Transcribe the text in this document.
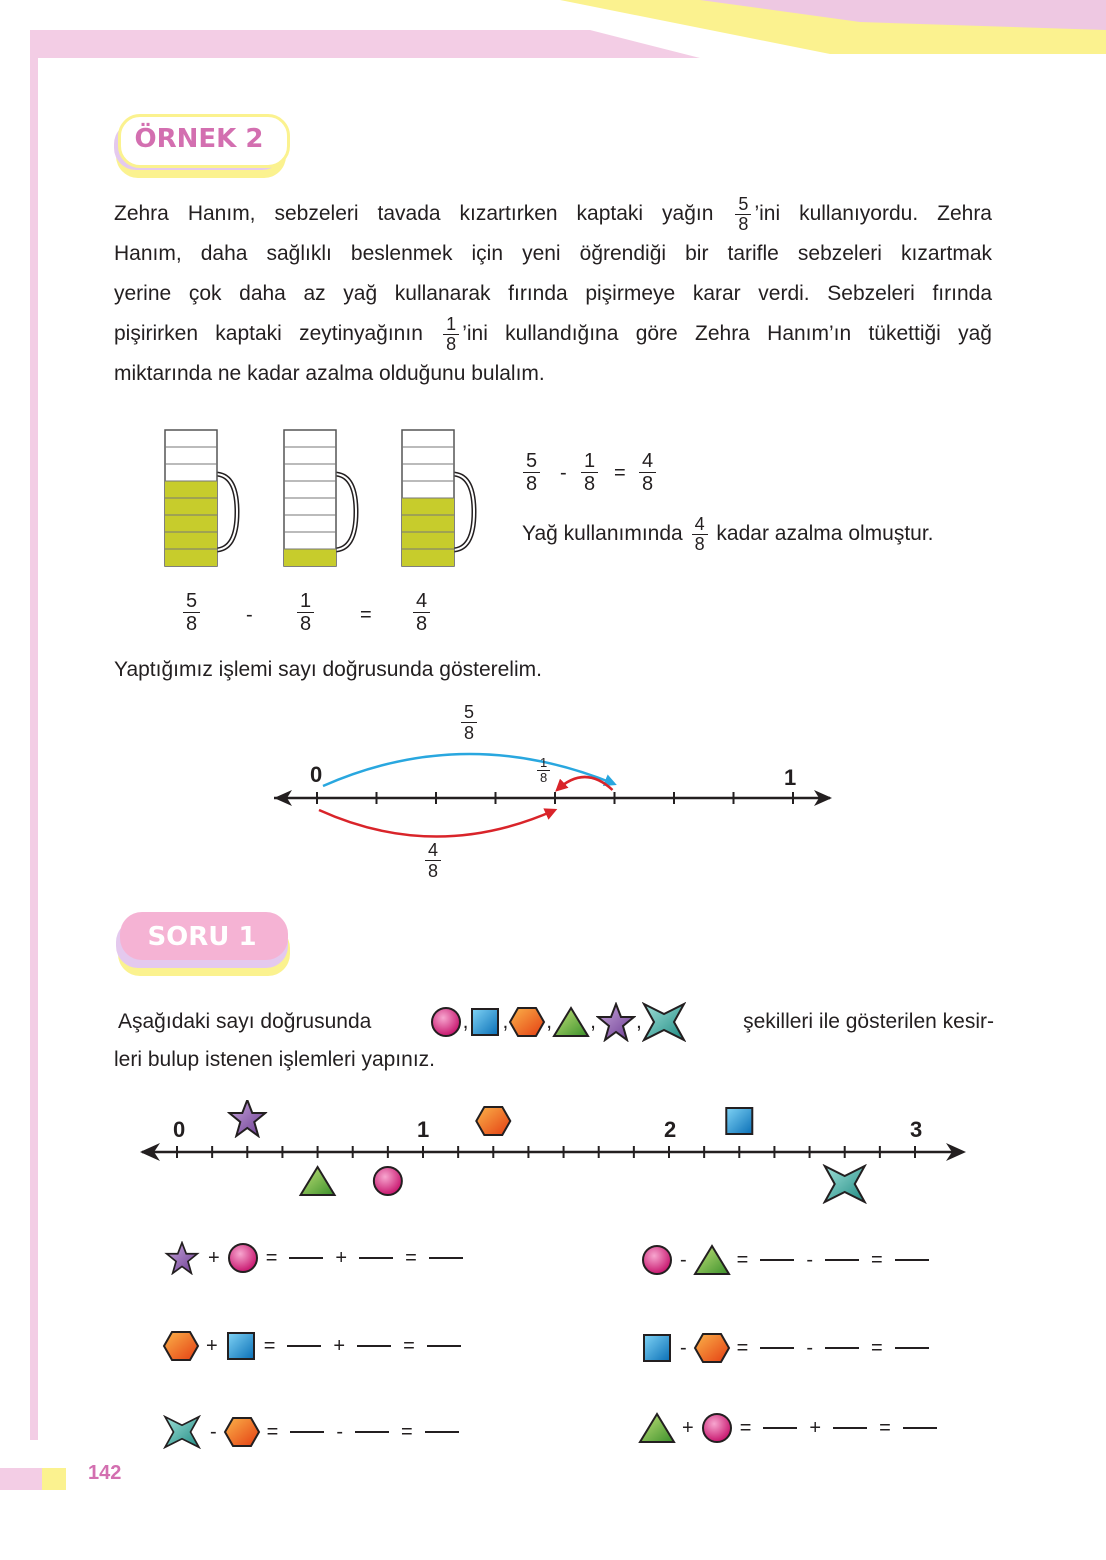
ÖRNEK 2
Zehra Hanım, sebzeleri tavada kızartırken kaptaki yağın $\frac{5}{8}$ ’ini kullanıyordu. Zehra
Hanım, daha sağlıklı beslenmek için yeni öğrendiği bir tarifle sebzeleri kızartmak
yerine çok daha az yağ kullanarak fırında pişirmeye karar verdi. Sebzeleri fırında
pişirirken kaptaki zeytinyağının $\frac{1}{8}$ ’ini kullandığına göre Zehra Hanım’ın tükettiği yağ
miktarında ne kadar azalma olduğunu bulalım.
$\frac{5}{8} - \frac{1}{8} = \frac{4}{8}$
$\frac{5}{8} - \frac{1}{8} = \frac{4}{8}$
Yağ kullanımında $\frac{4}{8}$ kadar azalma olmuştur.
Yaptığımız işlemi sayı doğrusunda gösterelim.
0	1
$\frac{5}{8}$
$\frac{1}{8}$
$\frac{4}{8}$
SORU 1
Aşağıdaki sayı doğrusunda	, , , , ,	şekilleri ile gösterilen kesir-
leri bulup istenen işlemleri yapınız.
0	1	2	3
+ =	+	=	-	=	-	=
+ =	+	=	-	=	-	=
-	=	-	=	+ =	+	=
142
